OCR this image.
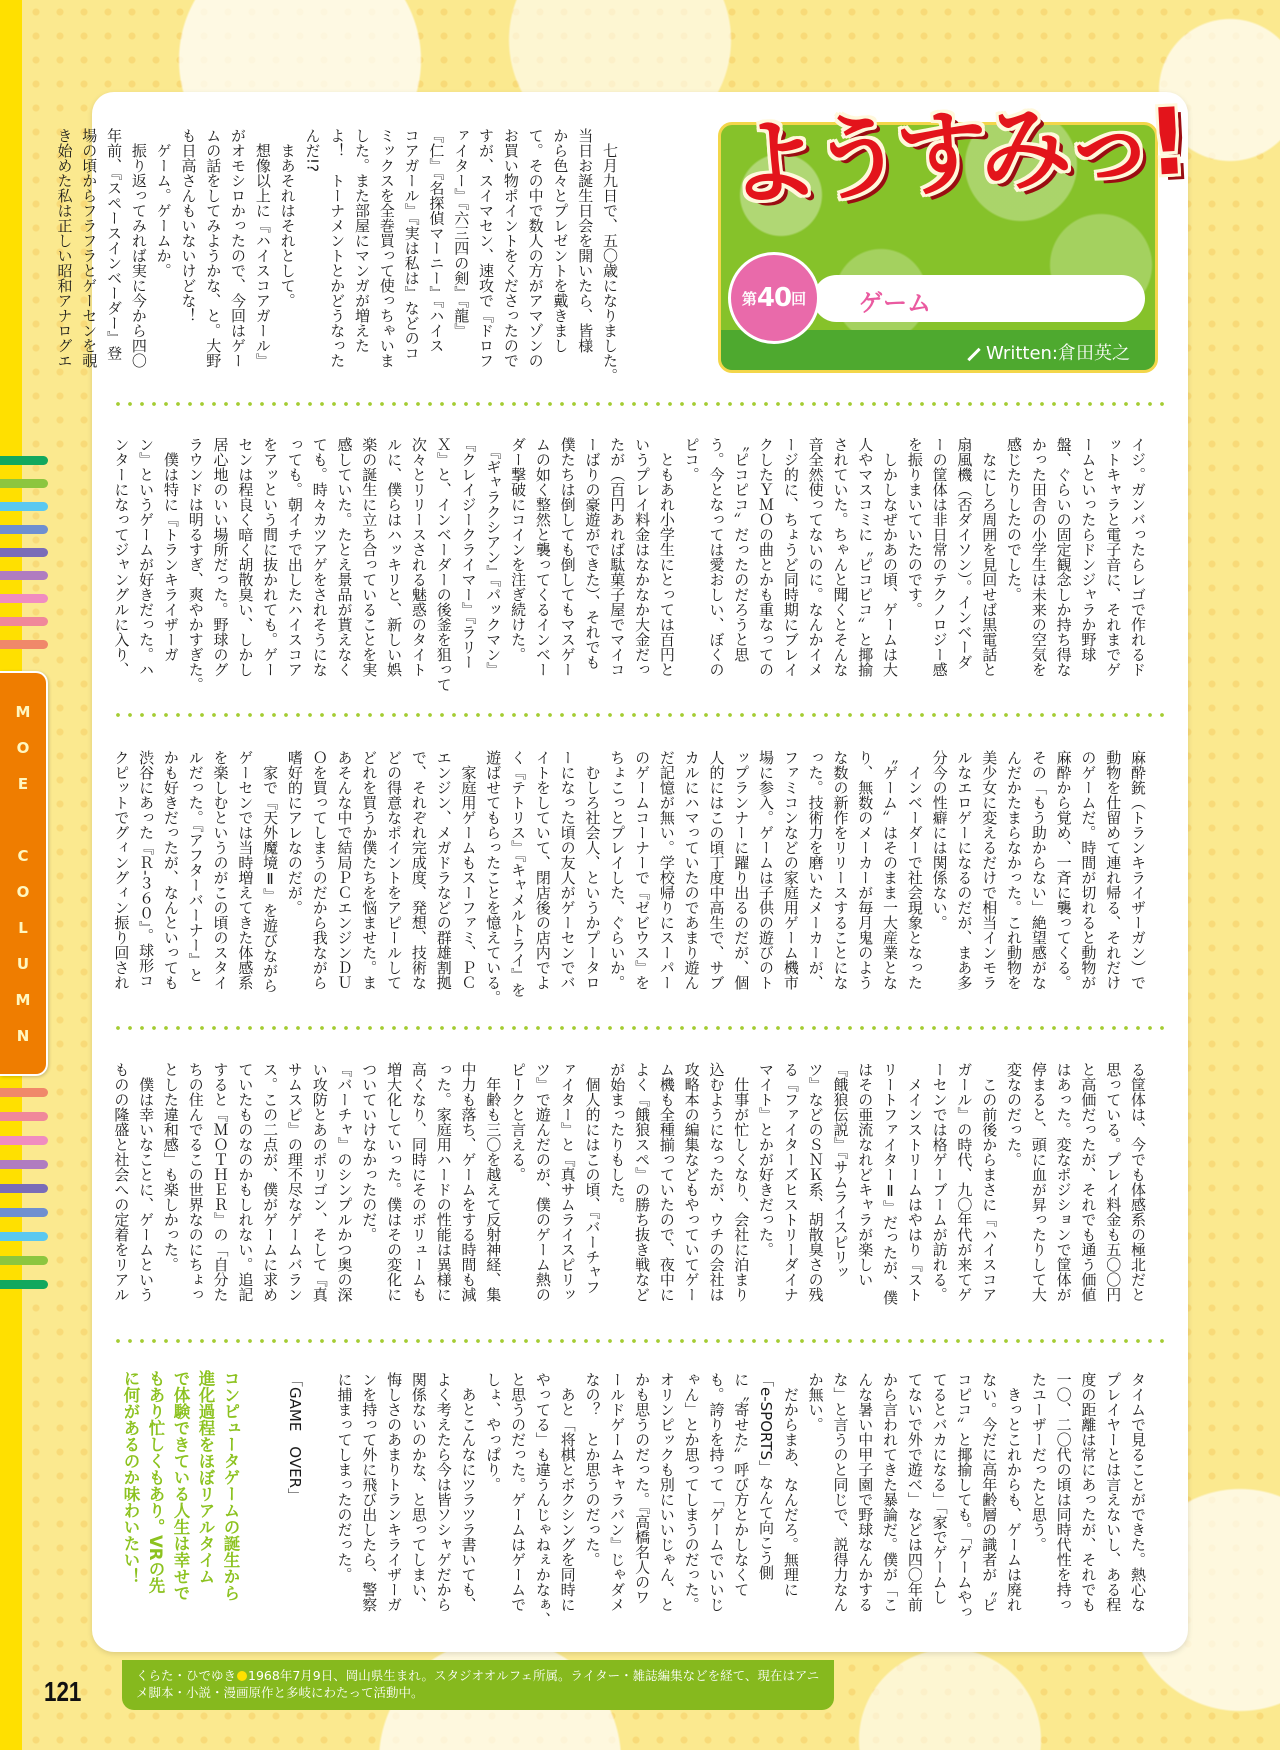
MOE COLUMN
Written:倉田英之
ようすみっ!
ゲーム
第 40 回
　七月九日で、五〇歳になりました。
当日お誕生日会を開いたら、皆様
から色々とプレゼントを戴きまし
て。その中で数人の方がアマゾンの
お買い物ポイントをくださったので
すが、スイマセン、速攻で『ドロフ
ァイター』『六三四の剣』『龍』
『仁』『名探偵マーニー』『ハイス
コアガール』『実は私は』などのコ
ミックスを全巻買って使っちゃいま
した。また部屋にマンガが増えた
よ！　トーナメントとかどうなった
んだ!?
　まあそれはそれとして。
　想像以上に『ハイスコアガール』
がオモシロかったので、今回はゲー
ムの話をしてみようかな、と。大野
も日高さんもいないけどな！
　ゲーム。ゲームか。
　振り返ってみれば実に今から四〇
年前、『スペースインベーダー』登
場の頃からフラフラとゲーセンを覗
き始めた私は正しい昭和アナログエ
イジ。ガンバったらレゴで作れるド
ットキャラと電子音に、それまでゲ
ームといったらドンジャラか野球
盤、ぐらいの固定観念しか持ち得な
かった田舎の小学生は未来の空気を
感じたりしたのでした。
　なにしろ周囲を見回せば黒電話と
扇風機（否ダイソン）。インベーダ
ーの筐体は非日常のテクノロジー感
を振りまいていたのです。
　しかしなぜかあの頃、ゲームは大
人やマスコミに〝ピコピコ〟と揶揄
されていた。ちゃんと聞くとそんな
音全然使ってないのに。なんかイメ
ージ的に、ちょうど同時期にブレイ
クしたＹＭＯの曲とかも重なっての
〝ピコピコ〟だったのだろうと思
う。今となっては愛おしい、ぼくの
ピコ。
　ともあれ小学生にとっては百円と
いうプレイ料金はなかなか大金だっ
たが（百円あれば駄菓子屋でマイコ
ーばりの豪遊ができた）、それでも
僕たちは倒しても倒してもマスゲー
ムの如く整然と襲ってくるインベー
ダー撃破にコインを注ぎ続けた。
　『ギャラクシアン』『パックマン』
『クレイジークライマー』『ラリー
Ｘ』と、インベーダーの後釜を狙って
次々とリリースされる魅惑のタイト
ルに、僕らはハッキリと、新しい娯
楽の誕生に立ち合っていることを実
感していた。たとえ景品が貰えなく
ても。時々カツアゲをされそうにな
っても。朝イチで出したハイスコア
をアッという間に抜かれても。ゲー
センは程良く暗く胡散臭い、しかし
居心地のいい場所だった。野球のグ
ラウンドは明るすぎ、爽やかすぎた。
　僕は特に『トランキライザーガ
ン』というゲームが好きだった。ハ
ンターになってジャングルに入り、
麻酔銃（トランキライザーガン）で
動物を仕留めて連れ帰る、それだけ
のゲームだ。時間が切れると動物が
麻酔から覚め、一斉に襲ってくる。
その「もう助からない」絶望感がな
んだかたまらなかった。これ動物を
美少女に変えるだけで相当インモラ
ルなエロゲーになるのだが、まあ多
分今の性癖には関係ない。
　インベーダーで社会現象となった
〝ゲーム〟はそのまま一大産業とな
り、無数のメーカーが毎月鬼のよう
な数の新作をリリースすることにな
った。技術力を磨いたメーカーが、
ファミコンなどの家庭用ゲーム機市
場に参入。ゲームは子供の遊びのト
ップランナーに躍り出るのだが、個
人的にはこの頃丁度中高生で、サブ
カルにハマっていたのであまり遊ん
だ記憶が無い。学校帰りにスーパー
のゲームコーナーで『ゼビウス』を
ちょこっとプレイした、ぐらいか。
　むしろ社会人、というかプータロ
ーになった頃の友人がゲーセンでバ
イトをしていて、閉店後の店内でよ
く『テトリス』『キャメルトライ』を
遊ばせてもらったことを憶えている。
　家庭用ゲームもスーファミ、ＰＣ
エンジン、メガドラなどの群雄割拠
で、それぞれ完成度、発想、技術な
どの得意なポイントをアピールして
どれを買うか僕たちを悩ませた。ま
あそんな中で結局ＰＣエンジンＤＵ
Ｏを買ってしまうのだから我ながら
嗜好的にアレなのだが。
　家で『天外魔境Ⅱ』を遊びながら
ゲーセンでは当時増えてきた体感系
を楽しむというのがこの頃のスタイ
ルだった。『アフターバーナー』と
かも好きだったが、なんといっても
渋谷にあった『Ｒ-３６０』。球形コ
クピットでグィングィン振り回され
る筐体は、今でも体感系の極北だと
思っている。プレイ料金も五〇〇円
と高価だったが、それでも通う価値
はあった。変なポジションで筐体が
停まると、頭に血が昇ったりして大
変なのだった。
　この前後からまさに『ハイスコア
ガール』の時代、九〇年代が来てゲ
ーセンでは格ゲーブームが訪れる。
　メインストリームはやはり『スト
リートファイターⅡ』だったが、僕
はその亜流なれどキャラが楽しい
『餓狼伝説』『サムライスピリッ
ツ』などのＳＮＫ系、胡散臭さの残
る『ファイターズヒストリーダイナ
マイト』とかが好きだった。
　仕事が忙しくなり、会社に泊まり
込むようになったが、ウチの会社は
攻略本の編集などもやっていてゲー
ム機も全種揃っていたので、夜中に
よく『餓狼スペ』の勝ち抜き戦など
が始まったりもした。
　個人的にはこの頃、『バーチャフ
ァイター』と『真サムライスピリッ
ツ』で遊んだのが、僕のゲーム熱の
ピークと言える。
　年齢も三〇を越えて反射神経、集
中力も落ち、ゲームをする時間も減
った。家庭用ハードの性能は異様に
高くなり、同時にそのボリュームも
増大化していった。僕はその変化に
ついていけなかったのだ。
『バーチャ』のシンプルかつ奥の深
い攻防とあのポリゴン、そして『真
サムスピ』の理不尽なゲームバラン
ス。この二点が、僕がゲームに求め
ていたものなのかもしれない。追記
すると『ＭＯＴＨＥＲ』の「自分た
ちの住んでるこの世界なのにちょっ
とした違和感」も楽しかった。
　僕は幸いなことに、ゲームという
ものの隆盛と社会への定着をリアル
タイムで見ることができた。熱心な
プレイヤーとは言えないし、ある程
度の距離は常にあったが、それでも
一〇、二〇代の頃は同時代性を持っ
たユーザーだったと思う。
　きっとこれからも、ゲームは廃れ
ない。今だに高年齢層の識者が〝ピ
コピコ〟と揶揄しても。「ゲームやっ
てるとバカになる」「家でゲームし
てないで外で遊べ」などは四〇年前
から言われてきた暴論だ。僕が「こ
んな暑い中甲子園で野球なんかする
な」と言うのと同じで、説得力なん
か無い。
　だからまあ、なんだろ。無理に
「e-SPORTS」なんて向こう側
に〝寄せた〟呼び方とかしなくて
も。誇りを持って「ゲームでいいじ
ゃん」とか思ってしまうのだった。
オリンピックも別にいいじゃん、と
かも思うのだった。『高橋名人のワ
ールドゲームキャラバン』じゃダメ
なの？　とか思うのだった。
　あと「将棋とボクシングを同時に
やってる」も違うんじゃねぇかなぁ、
と思うのだった。ゲームはゲームで
しょ、やっぱり。
　あとこんなにツラツラ書いても、
よく考えたら今は皆ソシャゲだから
関係ないのかな、と思ってしまい、
悔しさのあまりトランキライザーガ
ンを持って外に飛び出したら、警察
に捕まってしまったのだった。

「GAME　OVER」
コンピュータゲームの誕生から
進化過程をほぼリアルタイム
で体験できている人生は幸せで
もあり忙しくもあり。VRの先
に何があるのか味わいたい！
くらた・ひでゆき 1968年7月9日、岡山県生まれ。スタジオオルフェ所属。ライター・雑誌編集などを経て、現在はアニメ脚本・小説・漫画原作と多岐にわたって活動中。
121
